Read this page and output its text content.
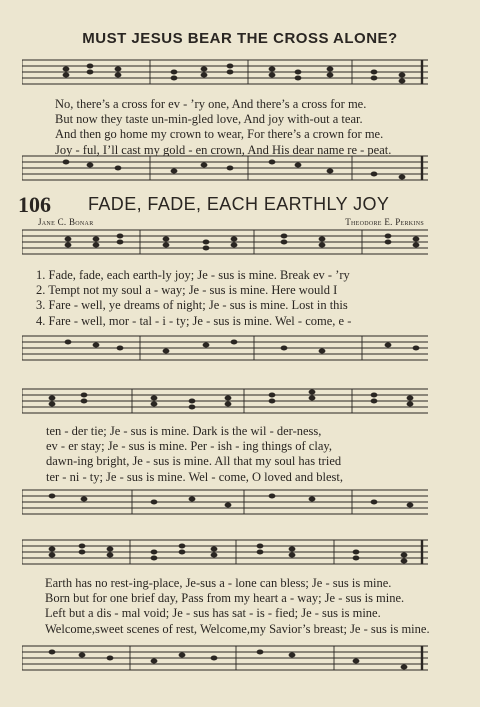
MUST JESUS BEAR THE CROSS ALONE?
No, there’s a cross for ev - ’ry one, And there’s a cross for me.
But now they taste un-min-gled love, And joy with-out a tear.
And then go home my crown to wear, For there’s a crown for me.
Joy - ful, I’ll cast my gold - en crown, And His dear name re - peat.
106 FADE, FADE, EACH EARTHLY JOY
Jane C. Bonar	Theodore E. Perkins
1. Fade, fade, each earth-ly joy; Je - sus is mine. Break ev - ’ry
2. Tempt not my soul a - way; Je - sus is mine. Here would I
3. Fare - well, ye dreams of night; Je - sus is mine. Lost in this
4. Fare - well, mor - tal - i - ty; Je - sus is mine. Wel - come, e -
ten - der tie; Je - sus is mine. Dark is the wil - der-ness,
ev - er stay; Je - sus is mine. Per - ish - ing things of clay,
dawn-ing bright, Je - sus is mine. All that my soul has tried
ter - ni - ty; Je - sus is mine. Wel - come, O loved and blest,
Earth has no rest-ing-place, Je-sus a - lone can bless; Je - sus is mine.
Born but for one brief day, Pass from my heart a - way; Je - sus is mine.
Left but a dis - mal void; Je - sus has sat - is - fied; Je - sus is mine.
Welcome,sweet scenes of rest, Welcome,my Savior’s breast; Je - sus is mine.
